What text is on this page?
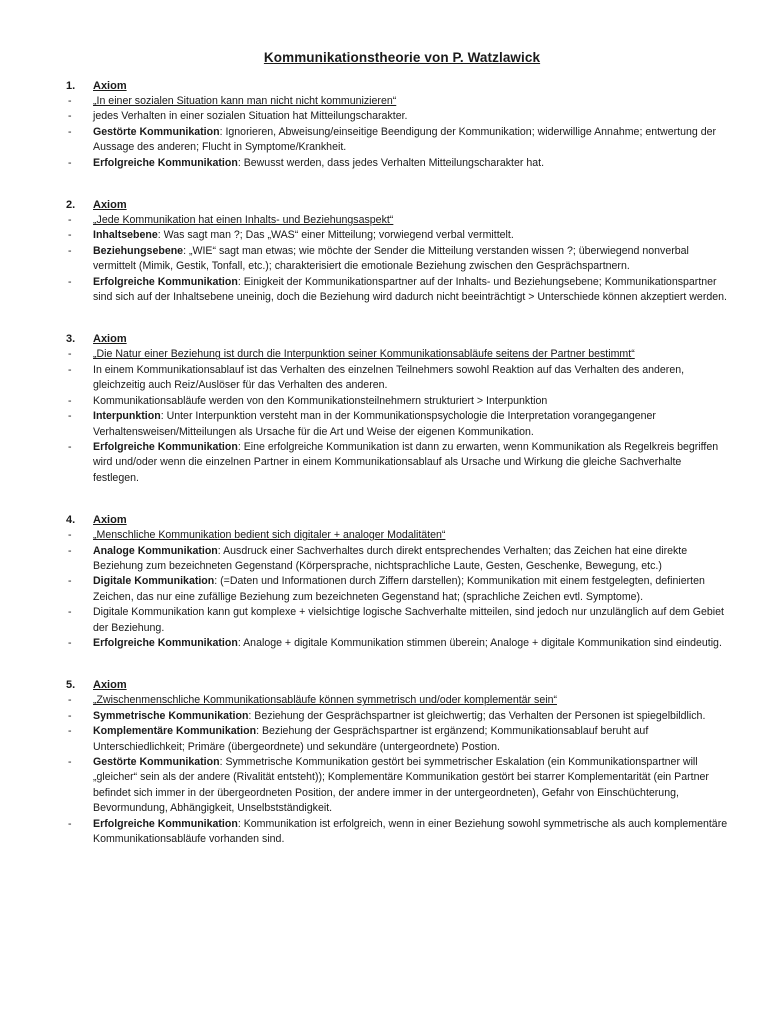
Kommunikationstheorie von P. Watzlawick
1.	Axiom
-	„In einer sozialen Situation kann man nicht nicht kommunizieren“
-	jedes Verhalten in einer sozialen Situation hat Mitteilungscharakter.
-	Gestörte Kommunikation: Ignorieren, Abweisung/einseitige Beendigung der Kommunikation; widerwillige Annahme; entwertung der Aussage des anderen; Flucht in Symptome/Krankheit.
-	Erfolgreiche Kommunikation: Bewusst werden, dass jedes Verhalten Mitteilungscharakter hat.
2.	Axiom
-	„Jede Kommunikation hat einen Inhalts- und Beziehungsaspekt“
-	Inhaltsebene: Was sagt man ?; Das „WAS“ einer Mitteilung; vorwiegend verbal vermittelt.
-	Beziehungsebene: „WIE“ sagt man etwas; wie möchte der Sender die Mitteilung verstanden wissen ?; überwiegend nonverbal vermittelt (Mimik, Gestik, Tonfall, etc.); charakterisiert die emotionale Beziehung zwischen den Gesprächspartnern.
-	Erfolgreiche Kommunikation: Einigkeit der Kommunikationspartner auf der Inhalts- und Beziehungsebene; Kommunikationspartner sind sich auf der Inhaltsebene uneinig, doch die Beziehung wird dadurch nicht beeinträchtigt > Unterschiede können akzeptiert werden.
3.	Axiom
-	„Die Natur einer Beziehung ist durch die Interpunktion seiner Kommunikationsabläufe seitens der Partner bestimmt“
-	In einem Kommunikationsablauf ist das Verhalten des einzelnen Teilnehmers sowohl Reaktion auf das Verhalten des anderen, gleichzeitig auch Reiz/Auslöser für das Verhalten des anderen.
-	Kommunikationsabläufe werden von den Kommunikationsteilnehmern strukturiert > Interpunktion
-	Interpunktion: Unter Interpunktion versteht man in der Kommunikationspsychologie die Interpretation vorangegangener Verhaltensweisen/Mitteilungen als Ursache für die Art und Weise der eigenen Kommunikation.
-	Erfolgreiche Kommunikation: Eine erfolgreiche Kommunikation ist dann zu erwarten, wenn Kommunikation als Regelkreis begriffen wird und/oder wenn die einzelnen Partner in einem Kommunikationsablauf als Ursache und Wirkung die gleiche Sachverhalte festlegen.
4.	Axiom
-	„Menschliche Kommunikation bedient sich digitaler + analoger Modalitäten“
-	Analoge Kommunikation: Ausdruck einer Sachverhaltes durch direkt entsprechendes Verhalten; das Zeichen hat eine direkte Beziehung zum bezeichneten Gegenstand (Körpersprache, nichtsprachliche Laute, Gesten, Geschenke, Bewegung, etc.)
-	Digitale Kommunikation: (=Daten und Informationen durch Ziffern darstellen); Kommunikation mit einem festgelegten, definierten Zeichen, das nur eine zufällige Beziehung zum bezeichneten Gegenstand hat; (sprachliche Zeichen evtl. Symptome).
-	Digitale Kommunikation kann gut komplexe + vielsichtige logische Sachverhalte mitteilen, sind jedoch nur unzulänglich auf dem Gebiet der Beziehung.
-	Erfolgreiche Kommunikation: Analoge + digitale Kommunikation stimmen überein; Analoge + digitale Kommunikation sind eindeutig.
5.	Axiom
-	„Zwischenmenschliche Kommunikationsabläufe können symmetrisch und/oder komplementär sein“
-	Symmetrische Kommunikation: Beziehung der Gesprächspartner ist gleichwertig; das Verhalten der Personen ist spiegelbildlich.
-	Komplementäre Kommunikation: Beziehung der Gesprächspartner ist ergänzend; Kommunikationsablauf beruht auf Unterschiedlichkeit; Primäre (übergeordnete) und sekundäre (untergeordnete) Postion.
-	Gestörte Kommunikation: Symmetrische Kommunikation gestört bei symmetrischer Eskalation (ein Kommunikationspartner will „gleicher“ sein als der andere (Rivalität entsteht)); Komplementäre Kommunikation gestört bei starrer Komplementarität (ein Partner befindet sich immer in der übergeordneten Position, der andere immer in der untergeordneten), Gefahr von Einschüchterung, Bevormundung, Abhängigkeit, Unselbstständigkeit.
-	Erfolgreiche Kommunikation: Kommunikation ist erfolgreich, wenn in einer Beziehung sowohl symmetrische als auch komplementäre Kommunikationsabläufe vorhanden sind.
